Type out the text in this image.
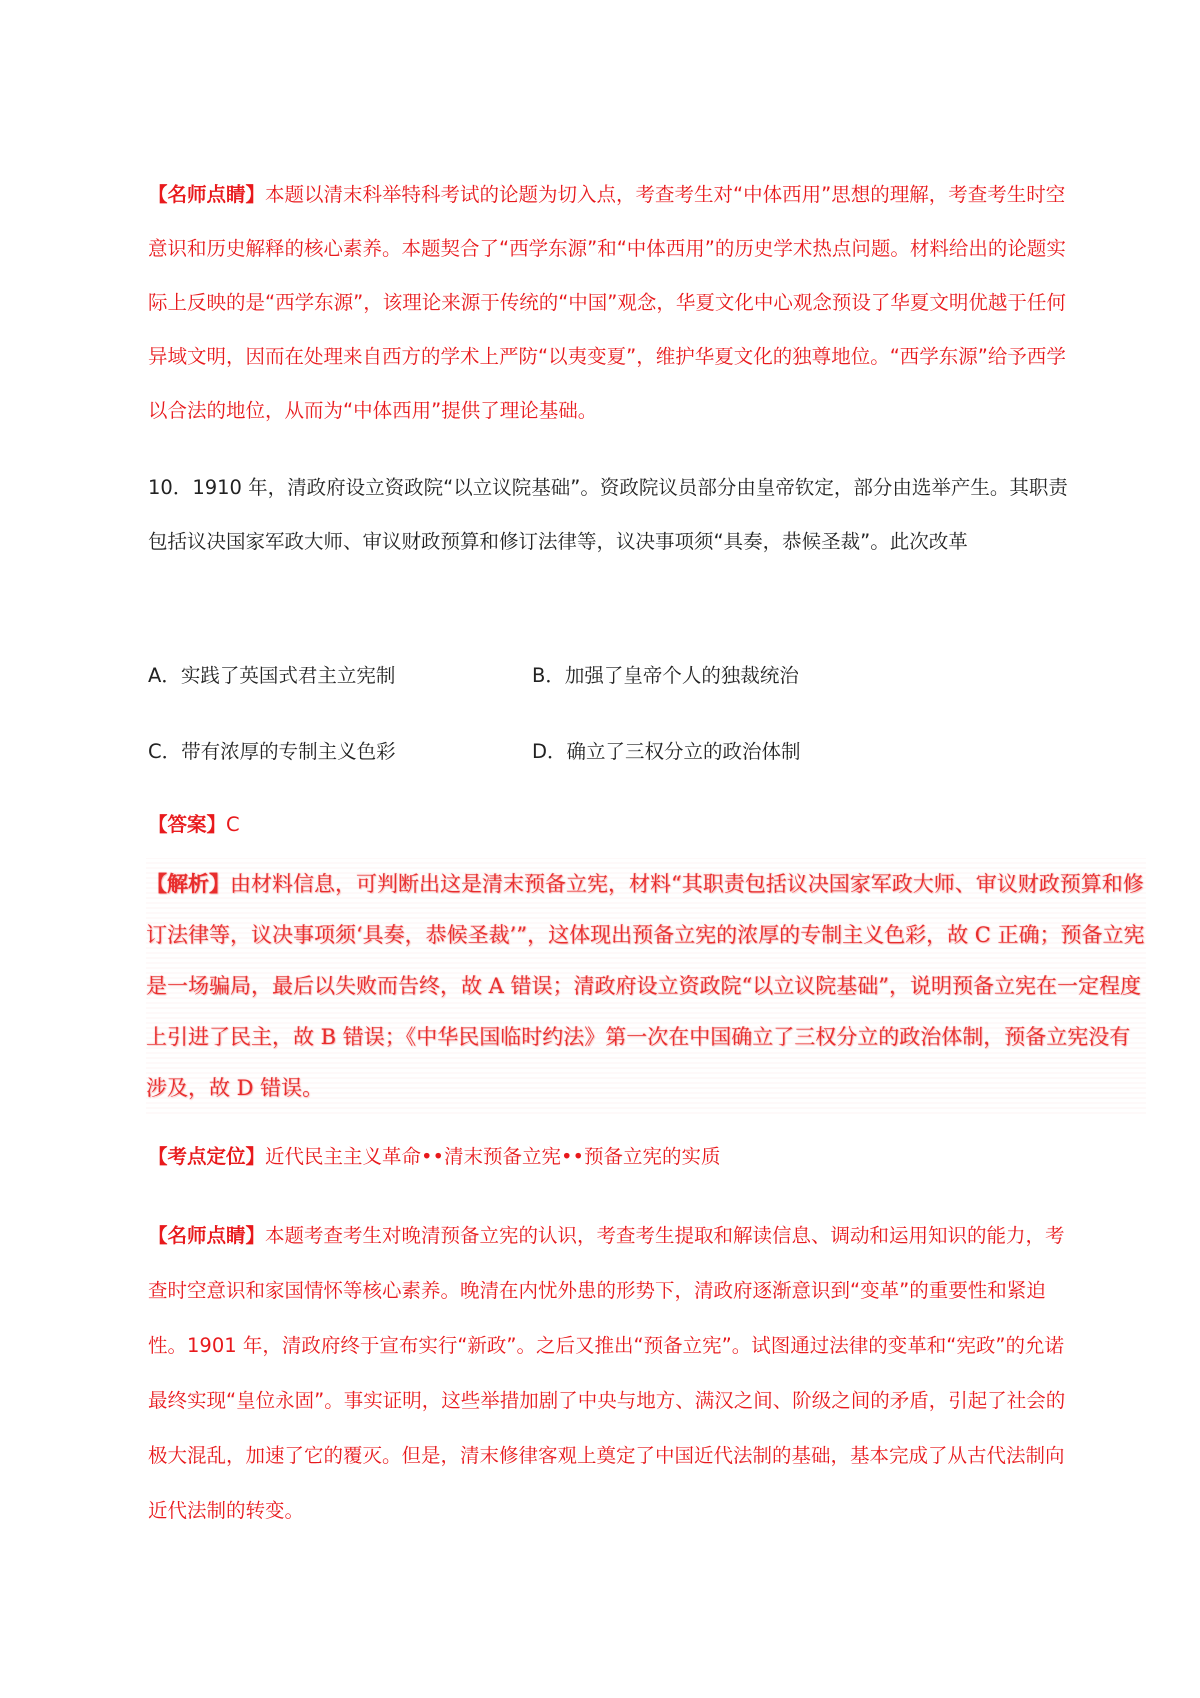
【名师点睛】本题以清末科举特科考试的论题为切入点，考查考生对“中体西用”思想的理解，考查考生时空意识和历史解释的核心素养。本题契合了“西学东源”和“中体西用”的历史学术热点问题。材料给出的论题实际上反映的是“西学东源”，该理论来源于传统的“中国”观念，华夏文化中心观念预设了华夏文明优越于任何异域文明，因而在处理来自西方的学术上严防“以夷变夏”，维护华夏文化的独尊地位。“西学东源”给予西学以合法的地位，从而为“中体西用”提供了理论基础。

10．1910 年，清政府设立资政院“以立议院基础”。资政院议员部分由皇帝钦定，部分由选举产生。其职责包括议决国家军政大师、审议财政预算和修订法律等，议决事项须“具奏，恭候圣裁”。此次改革

A．实践了英国式君主立宪制	B．加强了皇帝个人的独裁统治

C．带有浓厚的专制主义色彩	D．确立了三权分立的政治体制

【答案】C

【解析】由材料信息，可判断出这是清末预备立宪，材料“其职责包括议决国家军政大师、审议财政预算和修订法律等，议决事项须‘具奏，恭候圣裁’”，这体现出预备立宪的浓厚的专制主义色彩，故 C 正确；预备立宪是一场骗局，最后以失败而告终，故 A 错误；清政府设立资政院“以立议院基础”，说明预备立宪在一定程度上引进了民主，故 B 错误；《中华民国临时约法》第一次在中国确立了三权分立的政治体制，预备立宪没有涉及，故 D 错误。

【考点定位】近代民主主义革命••清末预备立宪••预备立宪的实质

【名师点睛】本题考查考生对晚清预备立宪的认识，考查考生提取和解读信息、调动和运用知识的能力，考查时空意识和家国情怀等核心素养。晚清在内忧外患的形势下，清政府逐渐意识到“变革”的重要性和紧迫性。1901 年，清政府终于宣布实行“新政”。之后又推出“预备立宪”。试图通过法律的变革和“宪政”的允诺最终实现“皇位永固”。事实证明，这些举措加剧了中央与地方、满汉之间、阶级之间的矛盾，引起了社会的极大混乱，加速了它的覆灭。但是，清末修律客观上奠定了中国近代法制的基础，基本完成了从古代法制向近代法制的转变。
